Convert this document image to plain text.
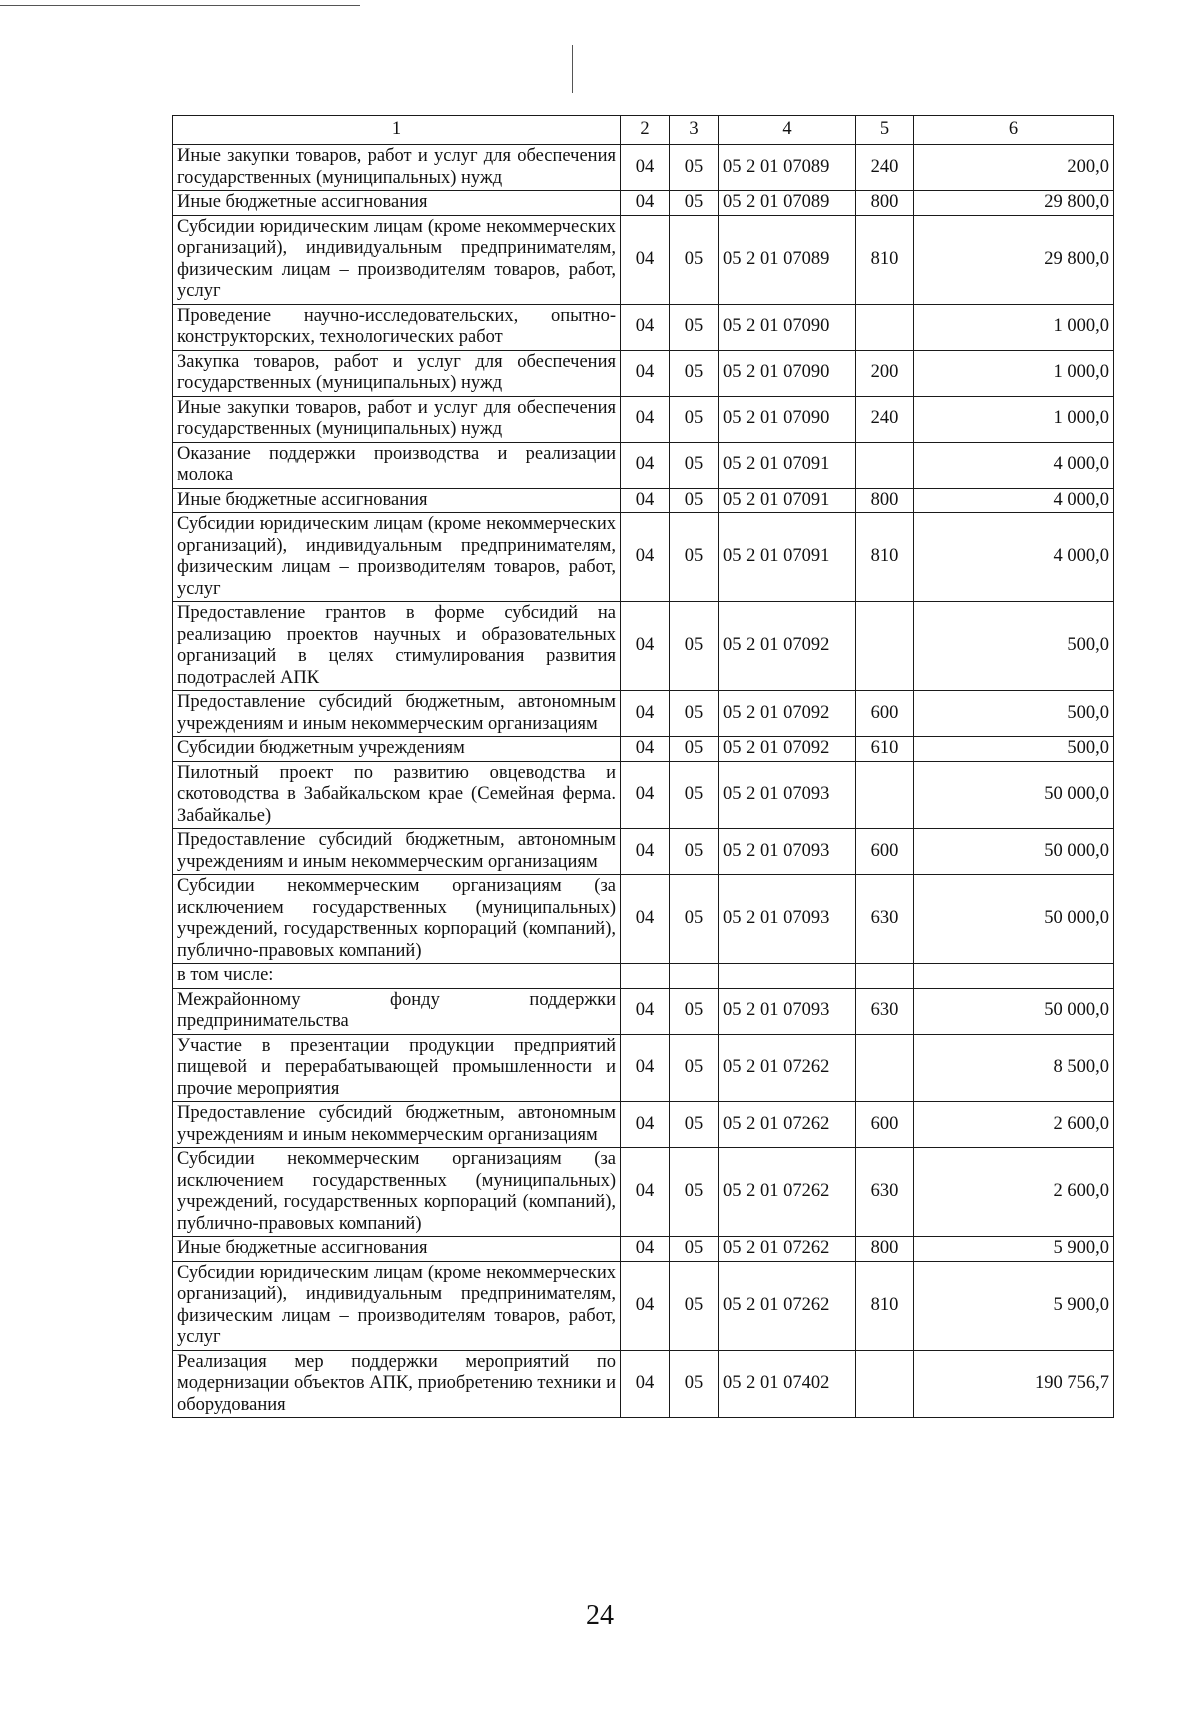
1	2	3	4	5	6
Иные закупки товаров, работ и услуг для обеспечения государственных (муниципальных) нужд	04	05	05 2 01 07089	240	200,0
Иные бюджетные ассигнования	04	05	05 2 01 07089	800	29 800,0
Субсидии юридическим лицам (кроме некоммерческих организаций), индивидуальным предпринимателям, физическим лицам – производителям товаров, работ, услуг	04	05	05 2 01 07089	810	29 800,0
Проведение научно-исследовательских, опытно-конструкторских, технологических работ	04	05	05 2 01 07090		1 000,0
Закупка товаров, работ и услуг для обеспечения государственных (муниципальных) нужд	04	05	05 2 01 07090	200	1 000,0
Иные закупки товаров, работ и услуг для обеспечения государственных (муниципальных) нужд	04	05	05 2 01 07090	240	1 000,0
Оказание поддержки производства и реализации молока	04	05	05 2 01 07091		4 000,0
Иные бюджетные ассигнования	04	05	05 2 01 07091	800	4 000,0
Субсидии юридическим лицам (кроме некоммерческих организаций), индивидуальным предпринимателям, физическим лицам – производителям товаров, работ, услуг	04	05	05 2 01 07091	810	4 000,0
Предоставление грантов в форме субсидий на реализацию проектов научных и образовательных организаций в целях стимулирования развития подотраслей АПК	04	05	05 2 01 07092		500,0
Предоставление субсидий бюджетным, автономным учреждениям и иным некоммерческим организациям	04	05	05 2 01 07092	600	500,0
Субсидии бюджетным учреждениям	04	05	05 2 01 07092	610	500,0
Пилотный проект по развитию овцеводства и скотоводства в Забайкальском крае (Семейная ферма. Забайкалье)	04	05	05 2 01 07093		50 000,0
Предоставление субсидий бюджетным, автономным учреждениям и иным некоммерческим организациям	04	05	05 2 01 07093	600	50 000,0
Субсидии некоммерческим организациям (за исключением государственных (муниципальных) учреждений, государственных корпораций (компаний), публично-правовых компаний)	04	05	05 2 01 07093	630	50 000,0
в том числе:					
Межрайонному фонду поддержки предпринимательства	04	05	05 2 01 07093	630	50 000,0
Участие в презентации продукции предприятий пищевой и перерабатывающей промышленности и прочие мероприятия	04	05	05 2 01 07262		8 500,0
Предоставление субсидий бюджетным, автономным учреждениям и иным некоммерческим организациям	04	05	05 2 01 07262	600	2 600,0
Субсидии некоммерческим организациям (за исключением государственных (муниципальных) учреждений, государственных корпораций (компаний), публично-правовых компаний)	04	05	05 2 01 07262	630	2 600,0
Иные бюджетные ассигнования	04	05	05 2 01 07262	800	5 900,0
Субсидии юридическим лицам (кроме некоммерческих организаций), индивидуальным предпринимателям, физическим лицам – производителям товаров, работ, услуг	04	05	05 2 01 07262	810	5 900,0
Реализация мер поддержки мероприятий по модернизации объектов АПК, приобретению техники и оборудования	04	05	05 2 01 07402		190 756,7
24
